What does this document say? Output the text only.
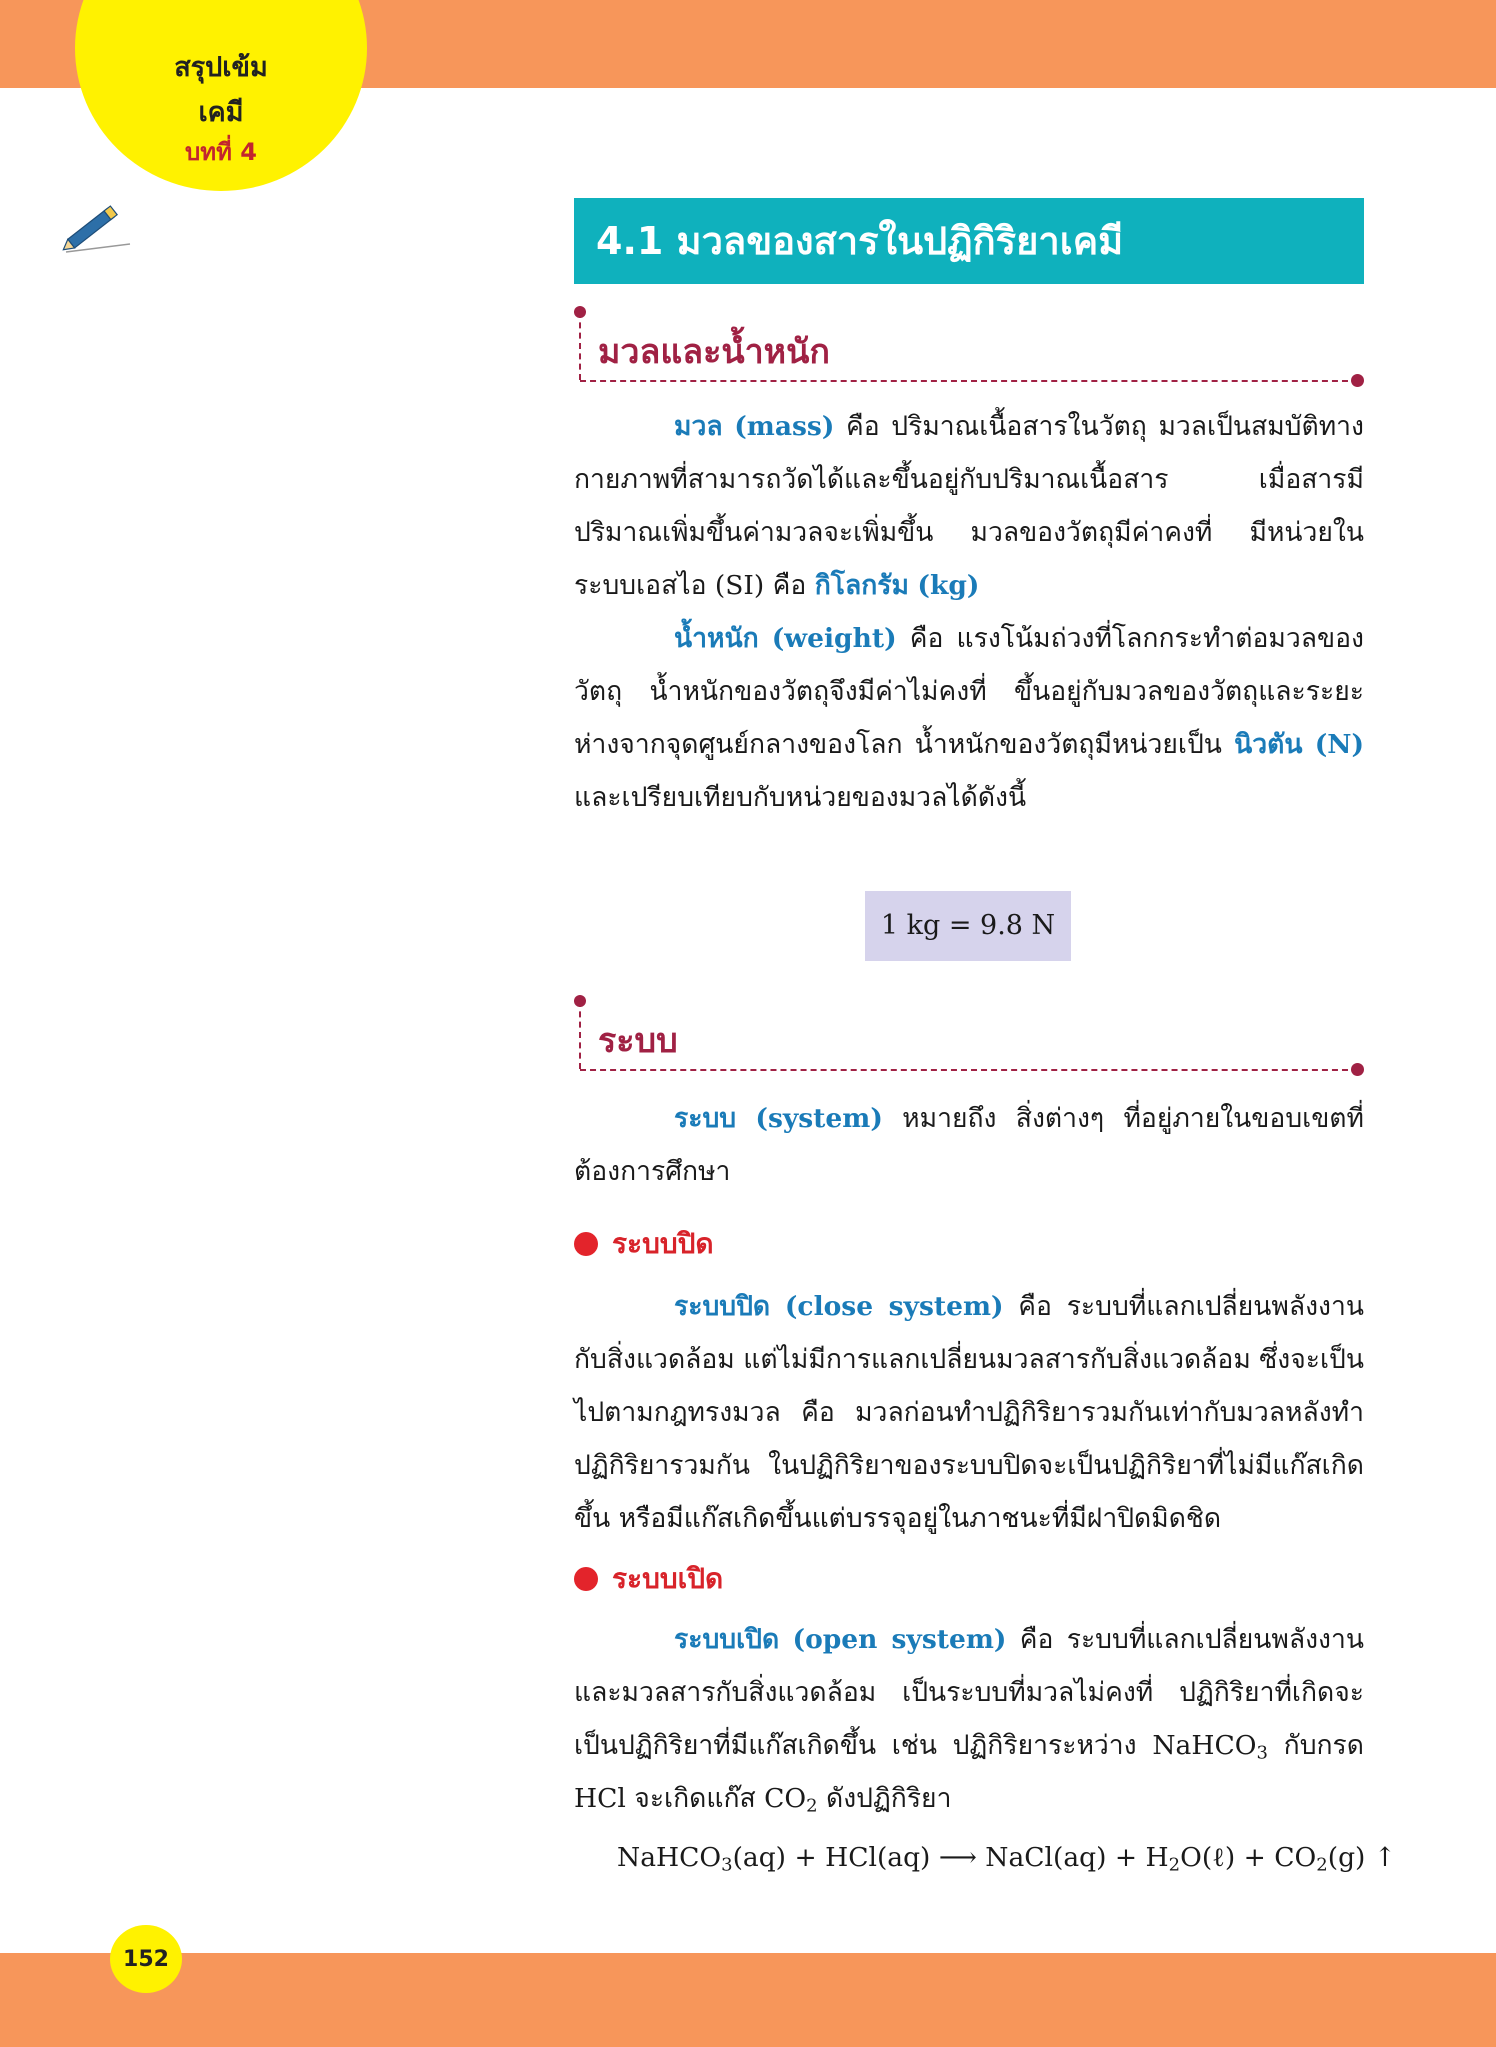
สรุปเข้ม
เคมี
บทที่ 4
4.1 มวลของสารในปฏิกิริยาเคมี
มวลและน้ำหนัก

มวล (mass) คือ ปริมาณเนื้อสารในวัตถุ มวลเป็นสมบัติทางกายภาพที่สามารถวัดได้และขึ้นอยู่กับปริมาณเนื้อสาร เมื่อสารมีปริมาณเพิ่มขึ้นค่ามวลจะเพิ่มขึ้น มวลของวัตถุมีค่าคงที่ มีหน่วยในระบบเอสไอ (SI) คือ กิโลกรัม (kg)

น้ำหนัก (weight) คือ แรงโน้มถ่วงที่โลกกระทำต่อมวลของวัตถุ น้ำหนักของวัตถุจึงมีค่าไม่คงที่ ขึ้นอยู่กับมวลของวัตถุและระยะห่างจากจุดศูนย์กลางของโลก น้ำหนักของวัตถุมีหน่วยเป็น นิวตัน (N) และเปรียบเทียบกับหน่วยของมวลได้ดังนี้

1 kg = 9.8 N
ระบบ

ระบบ (system) หมายถึง สิ่งต่างๆ ที่อยู่ภายในขอบเขตที่ต้องการศึกษา

ระบบปิด

ระบบปิด (close system) คือ ระบบที่แลกเปลี่ยนพลังงานกับสิ่งแวดล้อม แต่ไม่มีการแลกเปลี่ยนมวลสารกับสิ่งแวดล้อม ซึ่งจะเป็นไปตามกฎทรงมวล คือ มวลก่อนทำปฏิกิริยารวมกันเท่ากับมวลหลังทำปฏิกิริยารวมกัน ในปฏิกิริยาของระบบปิดจะเป็นปฏิกิริยาที่ไม่มีแก๊สเกิดขึ้น หรือมีแก๊สเกิดขึ้นแต่บรรจุอยู่ในภาชนะที่มีฝาปิดมิดชิด

ระบบเปิด

ระบบเปิด (open system) คือ ระบบที่แลกเปลี่ยนพลังงานและมวลสารกับสิ่งแวดล้อม เป็นระบบที่มวลไม่คงที่ ปฏิกิริยาที่เกิดจะเป็นปฏิกิริยาที่มีแก๊สเกิดขึ้น เช่น ปฏิกิริยาระหว่าง NaHCO$_3$ กับกรด HCl จะเกิดแก๊ส $CO_2$ ดังปฏิกิริยา

NaHCO$_3$(aq) + HCl(aq) ⟶ NaCl(aq) + $H_2O(\ell) + CO_2(g)$ ↑
152
